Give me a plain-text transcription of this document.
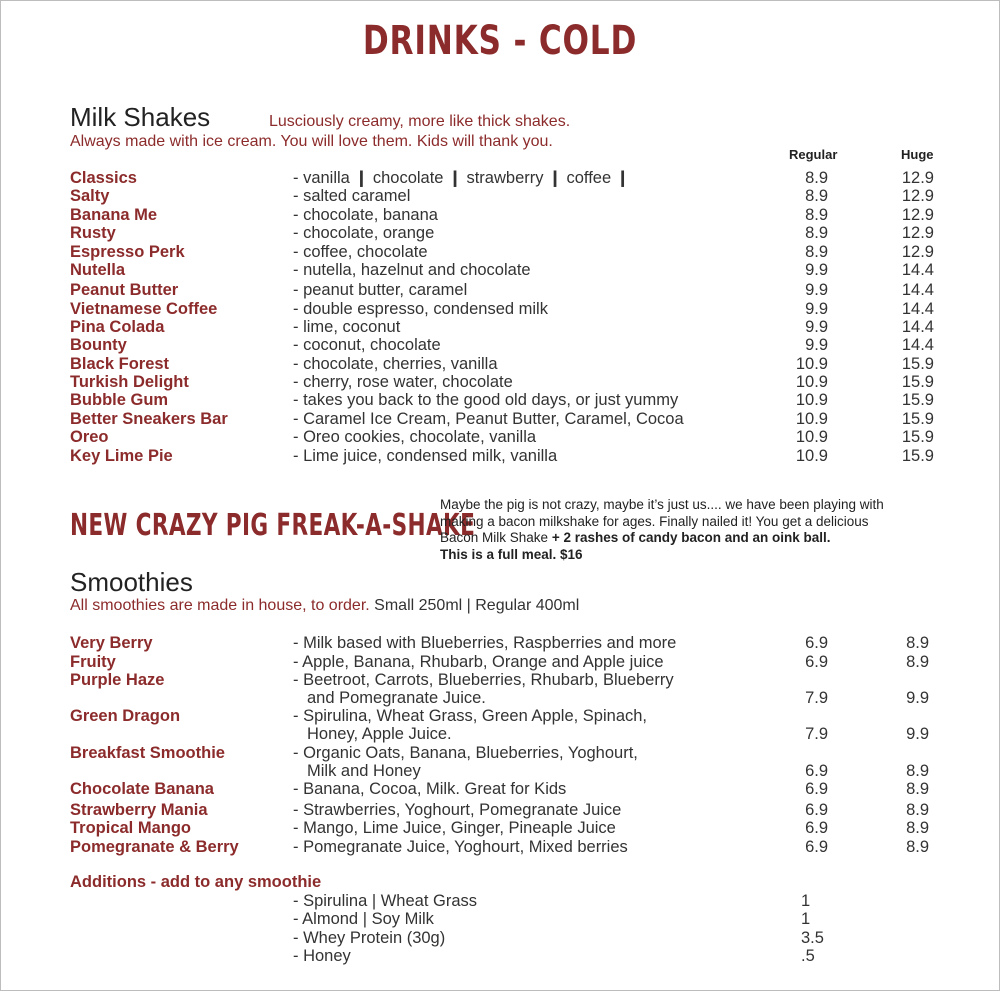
DRINKS - COLD
Milk Shakes	Lusciously creamy, more like thick shakes.
Always made with ice cream. You will love them. Kids will thank you.
Regular	Huge
Classics	- vanilla ❙ chocolate ❙ strawberry ❙ coffee ❙	8.9	12.9
Salty	- salted caramel	8.9	12.9
Banana Me	- chocolate, banana	8.9	12.9
Rusty	- chocolate, orange	8.9	12.9
Espresso Perk	- coffee, chocolate	8.9	12.9
Nutella	- nutella, hazelnut and chocolate	9.9	14.4
Peanut Butter	- peanut butter, caramel	9.9	14.4
Vietnamese Coffee	- double espresso, condensed milk	9.9	14.4
Pina Colada	- lime, coconut	9.9	14.4
Bounty	- coconut, chocolate	9.9	14.4
Black Forest	- chocolate, cherries, vanilla	10.9	15.9
Turkish Delight	- cherry, rose water, chocolate	10.9	15.9
Bubble Gum	- takes you back to the good old days, or just yummy	10.9	15.9
Better Sneakers Bar	- Caramel Ice Cream, Peanut Butter, Caramel, Cocoa	10.9	15.9
Oreo	- Oreo cookies, chocolate, vanilla	10.9	15.9
Key Lime Pie	- Lime juice, condensed milk, vanilla	10.9	15.9
NEW CRAZY PIG FREAK-A-SHAKE
Maybe the pig is not crazy, maybe it’s just us.... we have been playing with
making a bacon milkshake for ages. Finally nailed it! You get a delicious
Bacon Milk Shake + 2 rashes of candy bacon and an oink ball.
This is a full meal. $16
Smoothies
All smoothies are made in house, to order. Small 250ml | Regular 400ml
Very Berry	- Milk based with Blueberries, Raspberries and more	6.9	8.9
Fruity	- Apple, Banana, Rhubarb, Orange and Apple juice	6.9	8.9
Purple Haze	- Beetroot, Carrots, Blueberries, Rhubarb, Blueberry
and Pomegranate Juice.	7.9	9.9
Green Dragon	- Spirulina, Wheat Grass, Green Apple, Spinach,
Honey, Apple Juice.	7.9	9.9
Breakfast Smoothie	- Organic Oats, Banana, Blueberries, Yoghourt,
Milk and Honey	6.9	8.9
Chocolate Banana	- Banana, Cocoa, Milk. Great for Kids	6.9	8.9
Strawberry Mania	- Strawberries, Yoghourt, Pomegranate Juice	6.9	8.9
Tropical Mango	- Mango, Lime Juice, Ginger, Pineaple Juice	6.9	8.9
Pomegranate & Berry	- Pomegranate Juice, Yoghourt, Mixed berries	6.9	8.9
Additions - add to any smoothie
- Spirulina | Wheat Grass	1
- Almond | Soy Milk	1
- Whey Protein (30g)	3.5
- Honey	.5
